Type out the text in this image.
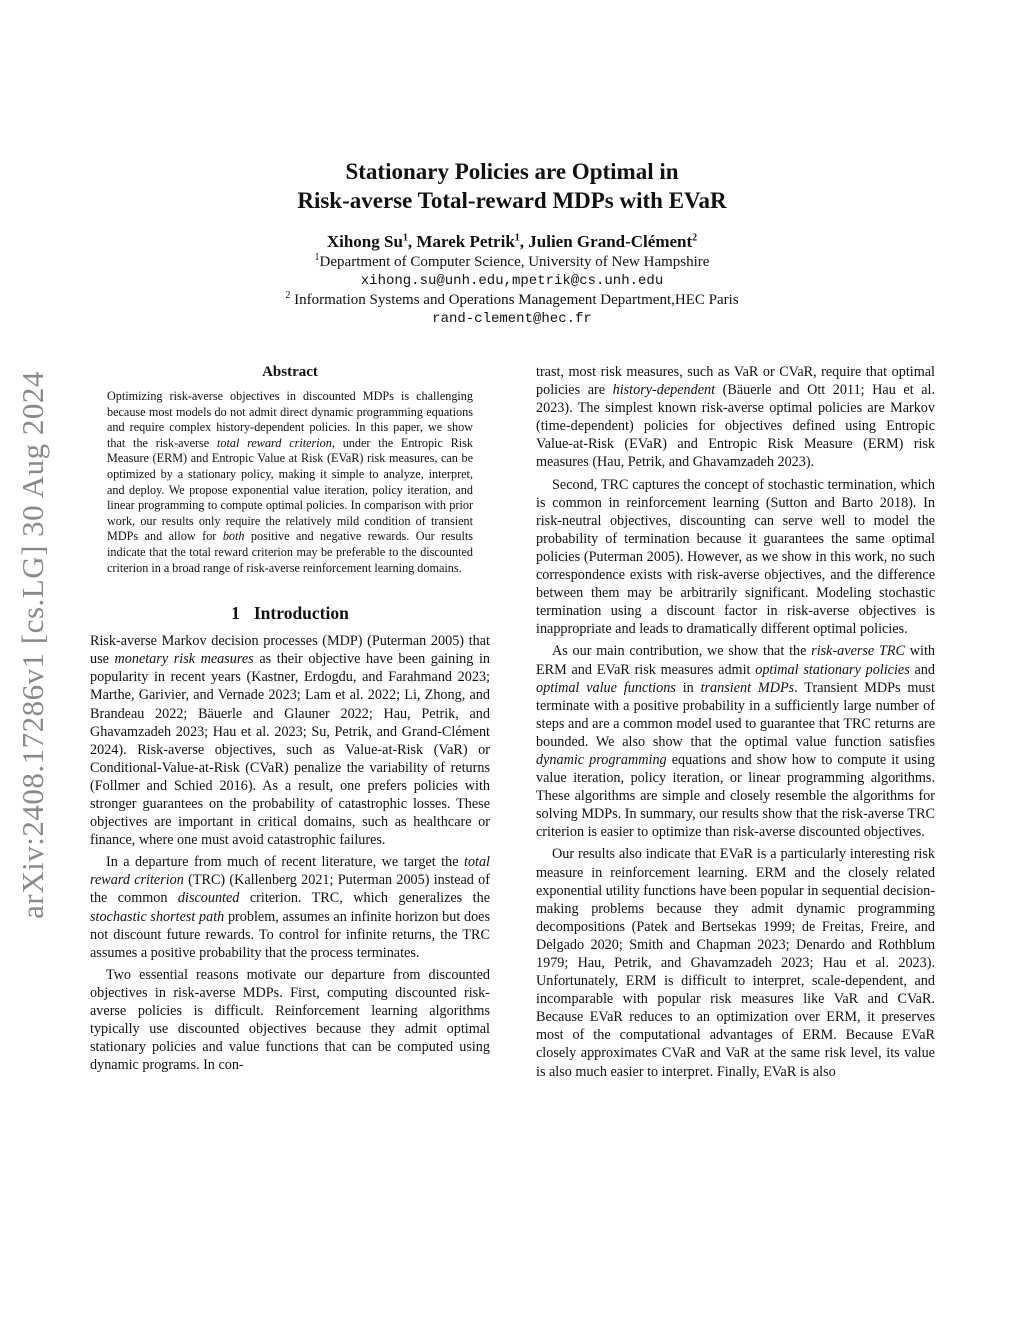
arXiv:2408.17286v1 [cs.LG] 30 Aug 2024

Stationary Policies are Optimal in

Risk-averse Total-reward MDPs with EVaR

Xihong Su$^1$, Marek Petrik$^1$, Julien Grand-Clément$^2$
$^1$Department of Computer Science, University of New Hampshire
xihong.su@unh.edu,mpetrik@cs.unh.edu
$^2$ Information Systems and Operations Management Department,HEC Paris
rand-clement@hec.fr

Abstract

Optimizing risk-averse objectives in discounted MDPs is challenging because most models do not admit direct dynamic programming equations and require complex history-dependent policies. In this paper, we show that the risk-averse total reward criterion, under the Entropic Risk Measure (ERM) and Entropic Value at Risk (EVaR) risk measures, can be optimized by a stationary policy, making it simple to analyze, interpret, and deploy. We propose exponential value iteration, policy iteration, and linear programming to compute optimal policies. In comparison with prior work, our results only require the relatively mild condition of transient MDPs and allow for both positive and negative rewards. Our results indicate that the total reward criterion may be preferable to the discounted criterion in a broad range of risk-averse reinforcement learning domains.

1 Introduction

Risk-averse Markov decision processes (MDP) (Puterman 2005) that use monetary risk measures as their objective have been gaining in popularity in recent years (Kastner, Erdogdu, and Farahmand 2023; Marthe, Garivier, and Vernade 2023; Lam et al. 2022; Li, Zhong, and Brandeau 2022; Bäuerle and Glauner 2022; Hau, Petrik, and Ghavamzadeh 2023; Hau et al. 2023; Su, Petrik, and Grand-Clément 2024). Risk-averse objectives, such as Value-at-Risk (VaR) or Conditional-Value-at-Risk (CVaR) penalize the variability of returns (Follmer and Schied 2016). As a result, one prefers policies with stronger guarantees on the probability of catastrophic losses. These objectives are important in critical domains, such as healthcare or finance, where one must avoid catastrophic failures.

In a departure from much of recent literature, we target the total reward criterion (TRC) (Kallenberg 2021; Puterman 2005) instead of the common discounted criterion. TRC, which generalizes the stochastic shortest path problem, assumes an infinite horizon but does not discount future rewards. To control for infinite returns, the TRC assumes a positive probability that the process terminates.

Two essential reasons motivate our departure from discounted objectives in risk-averse MDPs. First, computing discounted risk-averse policies is difficult. Reinforcement learning algorithms typically use discounted objectives because they admit optimal stationary policies and value functions that can be computed using dynamic programs. In con-

trast, most risk measures, such as VaR or CVaR, require that optimal policies are history-dependent (Bäuerle and Ott 2011; Hau et al. 2023). The simplest known risk-averse optimal policies are Markov (time-dependent) policies for objectives defined using Entropic Value-at-Risk (EVaR) and Entropic Risk Measure (ERM) risk measures (Hau, Petrik, and Ghavamzadeh 2023).

Second, TRC captures the concept of stochastic termination, which is common in reinforcement learning (Sutton and Barto 2018). In risk-neutral objectives, discounting can serve well to model the probability of termination because it guarantees the same optimal policies (Puterman 2005). However, as we show in this work, no such correspondence exists with risk-averse objectives, and the difference between them may be arbitrarily significant. Modeling stochastic termination using a discount factor in risk-averse objectives is inappropriate and leads to dramatically different optimal policies.

As our main contribution, we show that the risk-averse TRC with ERM and EVaR risk measures admit optimal stationary policies and optimal value functions in transient MDPs. Transient MDPs must terminate with a positive probability in a sufficiently large number of steps and are a common model used to guarantee that TRC returns are bounded. We also show that the optimal value function satisfies dynamic programming equations and show how to compute it using value iteration, policy iteration, or linear programming algorithms. These algorithms are simple and closely resemble the algorithms for solving MDPs. In summary, our results show that the risk-averse TRC criterion is easier to optimize than risk-averse discounted objectives.

Our results also indicate that EVaR is a particularly interesting risk measure in reinforcement learning. ERM and the closely related exponential utility functions have been popular in sequential decision-making problems because they admit dynamic programming decompositions (Patek and Bertsekas 1999; de Freitas, Freire, and Delgado 2020; Smith and Chapman 2023; Denardo and Rothblum 1979; Hau, Petrik, and Ghavamzadeh 2023; Hau et al. 2023). Unfortunately, ERM is difficult to interpret, scale-dependent, and incomparable with popular risk measures like VaR and CVaR. Because EVaR reduces to an optimization over ERM, it preserves most of the computational advantages of ERM. Because EVaR closely approximates CVaR and VaR at the same risk level, its value is also much easier to interpret. Finally, EVaR is also
